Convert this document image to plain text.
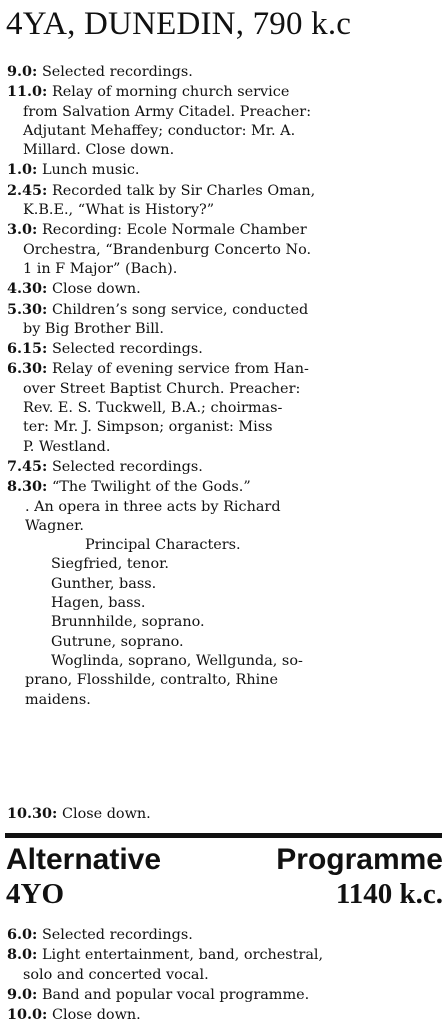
4YA, DUNEDIN, 790 k.c
9.0: Selected recordings.
11.0: Relay of morning church service
from Salvation Army Citadel. Preacher:
Adjutant Mehaffey; conductor: Mr. A.
Millard. Close down.
1.0: Lunch music.
2.45: Recorded talk by Sir Charles Oman,
K.B.E., “What is History?”
3.0: Recording: Ecole Normale Chamber
Orchestra, “Brandenburg Concerto No.
1 in F Major” (Bach).
4.30: Close down.
5.30: Children’s song service, conducted
by Big Brother Bill.
6.15: Selected recordings.
6.30: Relay of evening service from Han-
over Street Baptist Church. Preacher:
Rev. E. S. Tuckwell, B.A.; choirmas-
ter: Mr. J. Simpson; organist: Miss
P. Westland.
7.45: Selected recordings.
8.30: “The Twilight of the Gods.”
. An opera in three acts by Richard
Wagner.
Principal Characters.
Siegfried, tenor.
Gunther, bass.
Hagen, bass.
Brunnhilde, soprano.
Gutrune, soprano.
Woglinda, soprano, Wellgunda, so-
prano, Flosshilde, contralto, Rhine
maidens.
10.30: Close down.
Alternative	Programme
4YO	1140 k.c.
6.0: Selected recordings.
8.0: Light entertainment, band, orchestral,
solo and concerted vocal.
9.0: Band and popular vocal programme.
10.0: Close down.
